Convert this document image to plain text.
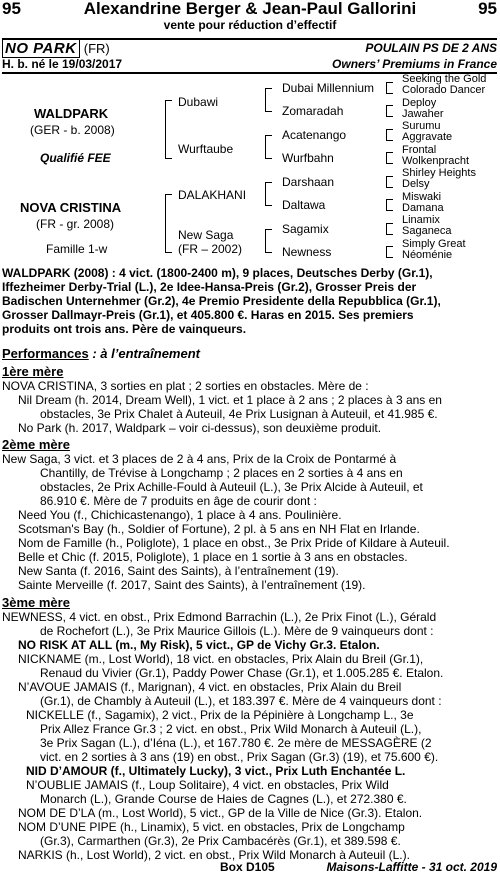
95	Alexandrine Berger & Jean-Paul Gallorini	95
vente pour réduction d’effectif
NO PARK (FR)
H. b. né le 19/03/2017
POULAIN PS DE 2 ANS
Owners’ Premiums in France
WALDPARK
(GER - b. 2008)
Qualifié FEE
NOVA CRISTINA
(FR - gr. 2008)
Famille 1-w
Dubawi
Wurftaube
DALAKHANI
New Saga
(FR – 2002)
Dubai Millennium
Zomaradah
Acatenango
Wurfbahn
Darshaan
Daltawa
Sagamix
Newness
Seeking the Gold
Colorado Dancer
Deploy
Jawaher
Surumu
Aggravate
Frontal
Wolkenpracht
Shirley Heights
Delsy
Miswaki
Damana
Linamix
Saganeca
Simply Great
Néoménie
WALDPARK (2008) : 4 vict. (1800-2400 m), 9 places, Deutsches Derby (Gr.1),
Iffezheimer Derby-Trial (L.), 2e Idee-Hansa-Preis (Gr.2), Grosser Preis der
Badischen Unternehmer (Gr.2), 4e Premio Presidente della Repubblica (Gr.1),
Grosser Dallmayr-Preis (Gr.1), et 405.800 €. Haras en 2015. Ses premiers
produits ont trois ans. Père de vainqueurs.
Performances : à l’entraînement
1ère mère
NOVA CRISTINA, 3 sorties en plat ; 2 sorties en obstacles. Mère de :
Nil Dream (h. 2014, Dream Well), 1 vict. et 1 place à 2 ans ; 2 places à 3 ans en
obstacles, 3e Prix Chalet à Auteuil, 4e Prix Lusignan à Auteuil, et 41.985 €.
No Park (h. 2017, Waldpark – voir ci-dessus), son deuxième produit.
2ème mère
New Saga, 3 vict. et 3 places de 2 à 4 ans, Prix de la Croix de Pontarmé à
Chantilly, de Trévise à Longchamp ; 2 places en 2 sorties à 4 ans en
obstacles, 2e Prix Achille-Fould à Auteuil (L.), 3e Prix Alcide à Auteuil, et
86.910 €. Mère de 7 produits en âge de courir dont :
Need You (f., Chichicastenango), 1 place à 4 ans. Poulinière.
Scotsman's Bay (h., Soldier of Fortune), 2 pl. à 5 ans en NH Flat en Irlande.
Nom de Famille (h., Poliglote), 1 place en obst., 3e Prix Pride of Kildare à Auteuil.
Belle et Chic (f. 2015, Poliglote), 1 place en 1 sortie à 3 ans en obstacles.
New Santa (f. 2016, Saint des Saints), à l’entraînement (19).
Sainte Merveille (f. 2017, Saint des Saints), à l’entraînement (19).
3ème mère
NEWNESS, 4 vict. en obst., Prix Edmond Barrachin (L.), 2e Prix Finot (L.), Gérald
de Rochefort (L.), 3e Prix Maurice Gillois (L.). Mère de 9 vainqueurs dont :
NO RISK AT ALL (m., My Risk), 5 vict., GP de Vichy Gr.3. Etalon.
NICKNAME (m., Lost World), 18 vict. en obstacles, Prix Alain du Breil (Gr.1),
Renaud du Vivier (Gr.1), Paddy Power Chase (Gr.1), et 1.005.285 €. Etalon.
N’AVOUE JAMAIS (f., Marignan), 4 vict. en obstacles, Prix Alain du Breil
(Gr.1), de Chambly à Auteuil (L.), et 183.397 €. Mère de 4 vainqueurs dont :
NICKELLE (f., Sagamix), 2 vict., Prix de la Pépinière à Longchamp L., 3e
Prix Allez France Gr.3 ; 2 vict. en obst., Prix Wild Monarch à Auteuil (L.),
3e Prix Sagan (L.), d’Iéna (L.), et 167.780 €. 2e mère de MESSAGÈRE (2
vict. en 2 sorties à 3 ans (19) en obst., Prix Sagan (Gr.3) (19), et 75.600 €).
NID D’AMOUR (f., Ultimately Lucky), 3 vict., Prix Luth Enchantée L.
N’OUBLIE JAMAIS (f., Loup Solitaire), 4 vict. en obstacles, Prix Wild
Monarch (L.), Grande Course de Haies de Cagnes (L.), et 272.380 €.
NOM DE D’LA (m., Lost World), 5 vict., GP de la Ville de Nice (Gr.3). Etalon.
NOM D’UNE PIPE (h., Linamix), 5 vict. en obstacles, Prix de Longchamp
(Gr.3), Carmarthen (Gr.3), 2e Prix Cambacérès (Gr.1), et 389.598 €.
NARKIS (h., Lost World), 2 vict. en obst., Prix Wild Monarch à Auteuil (L.).
Box D105	Maisons-Laffitte - 31 oct. 2019
